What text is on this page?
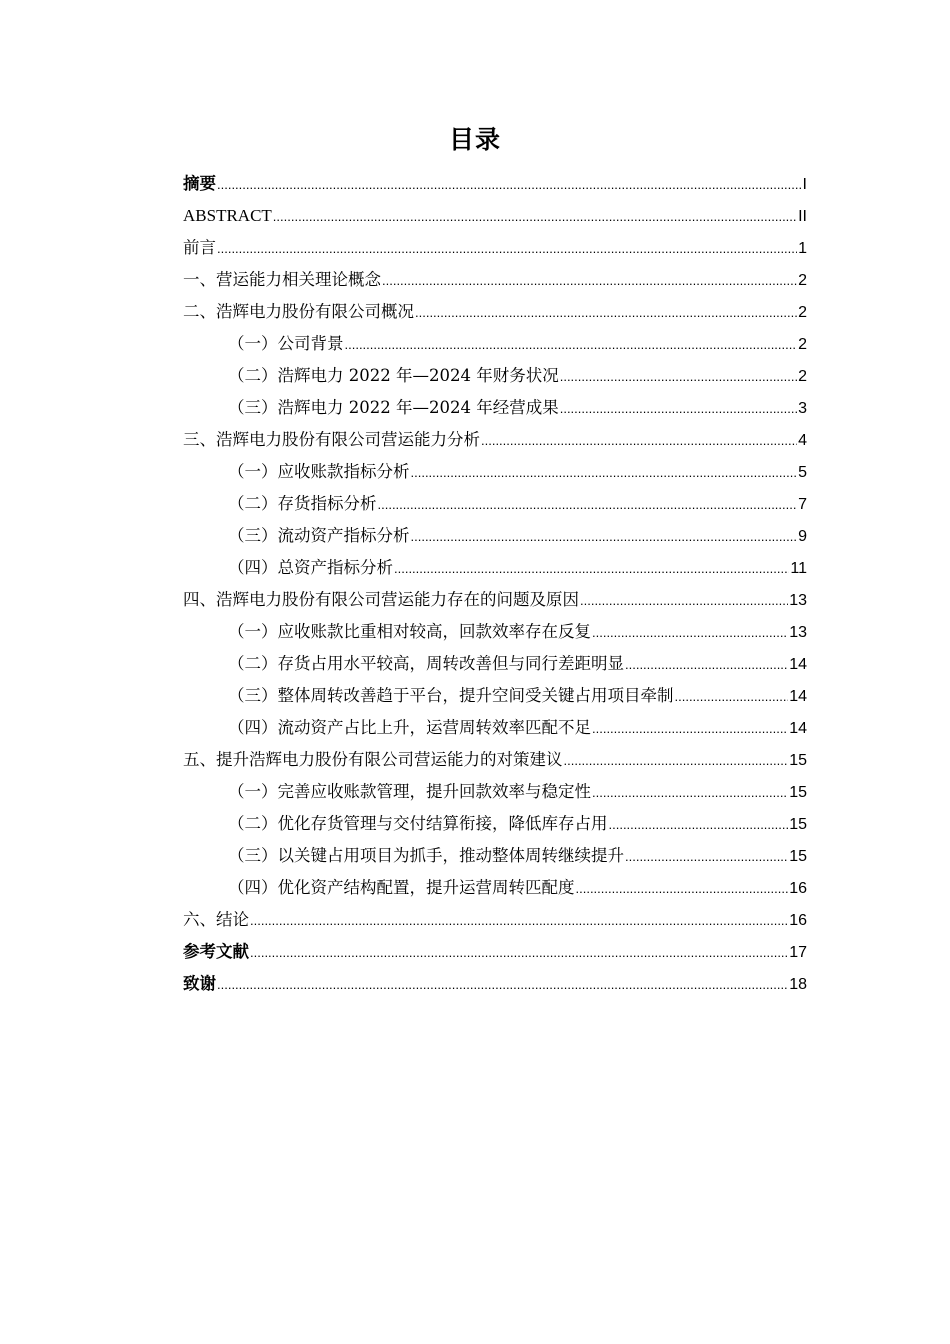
目录
摘要 .....	I
ABSTRACT .....	II
前言 .....	1
一、营运能力相关理论概念 .....	2
二、浩辉电力股份有限公司概况 .....	2
（一）公司背景 .....	2
（二）浩辉电力 2022 年—2024 年财务状况 .....	2
（三）浩辉电力 2022 年—2024 年经营成果 .....	3
三、浩辉电力股份有限公司营运能力分析 .....	4
（一）应收账款指标分析 .....	5
（二）存货指标分析 .....	7
（三）流动资产指标分析 .....	9
（四）总资产指标分析 .....	11
四、浩辉电力股份有限公司营运能力存在的问题及原因 .....	13
（一）应收账款比重相对较高，回款效率存在反复 .....	13
（二）存货占用水平较高，周转改善但与同行差距明显 .....	14
（三）整体周转改善趋于平台，提升空间受关键占用项目牵制 .....	14
（四）流动资产占比上升，运营周转效率匹配不足 .....	14
五、提升浩辉电力股份有限公司营运能力的对策建议 .....	15
（一）完善应收账款管理，提升回款效率与稳定性 .....	15
（二）优化存货管理与交付结算衔接，降低库存占用 .....	15
（三）以关键占用项目为抓手，推动整体周转继续提升 .....	15
（四）优化资产结构配置，提升运营周转匹配度 .....	16
六、结论 .....	16
参考文献 .....	17
致谢 .....	18
